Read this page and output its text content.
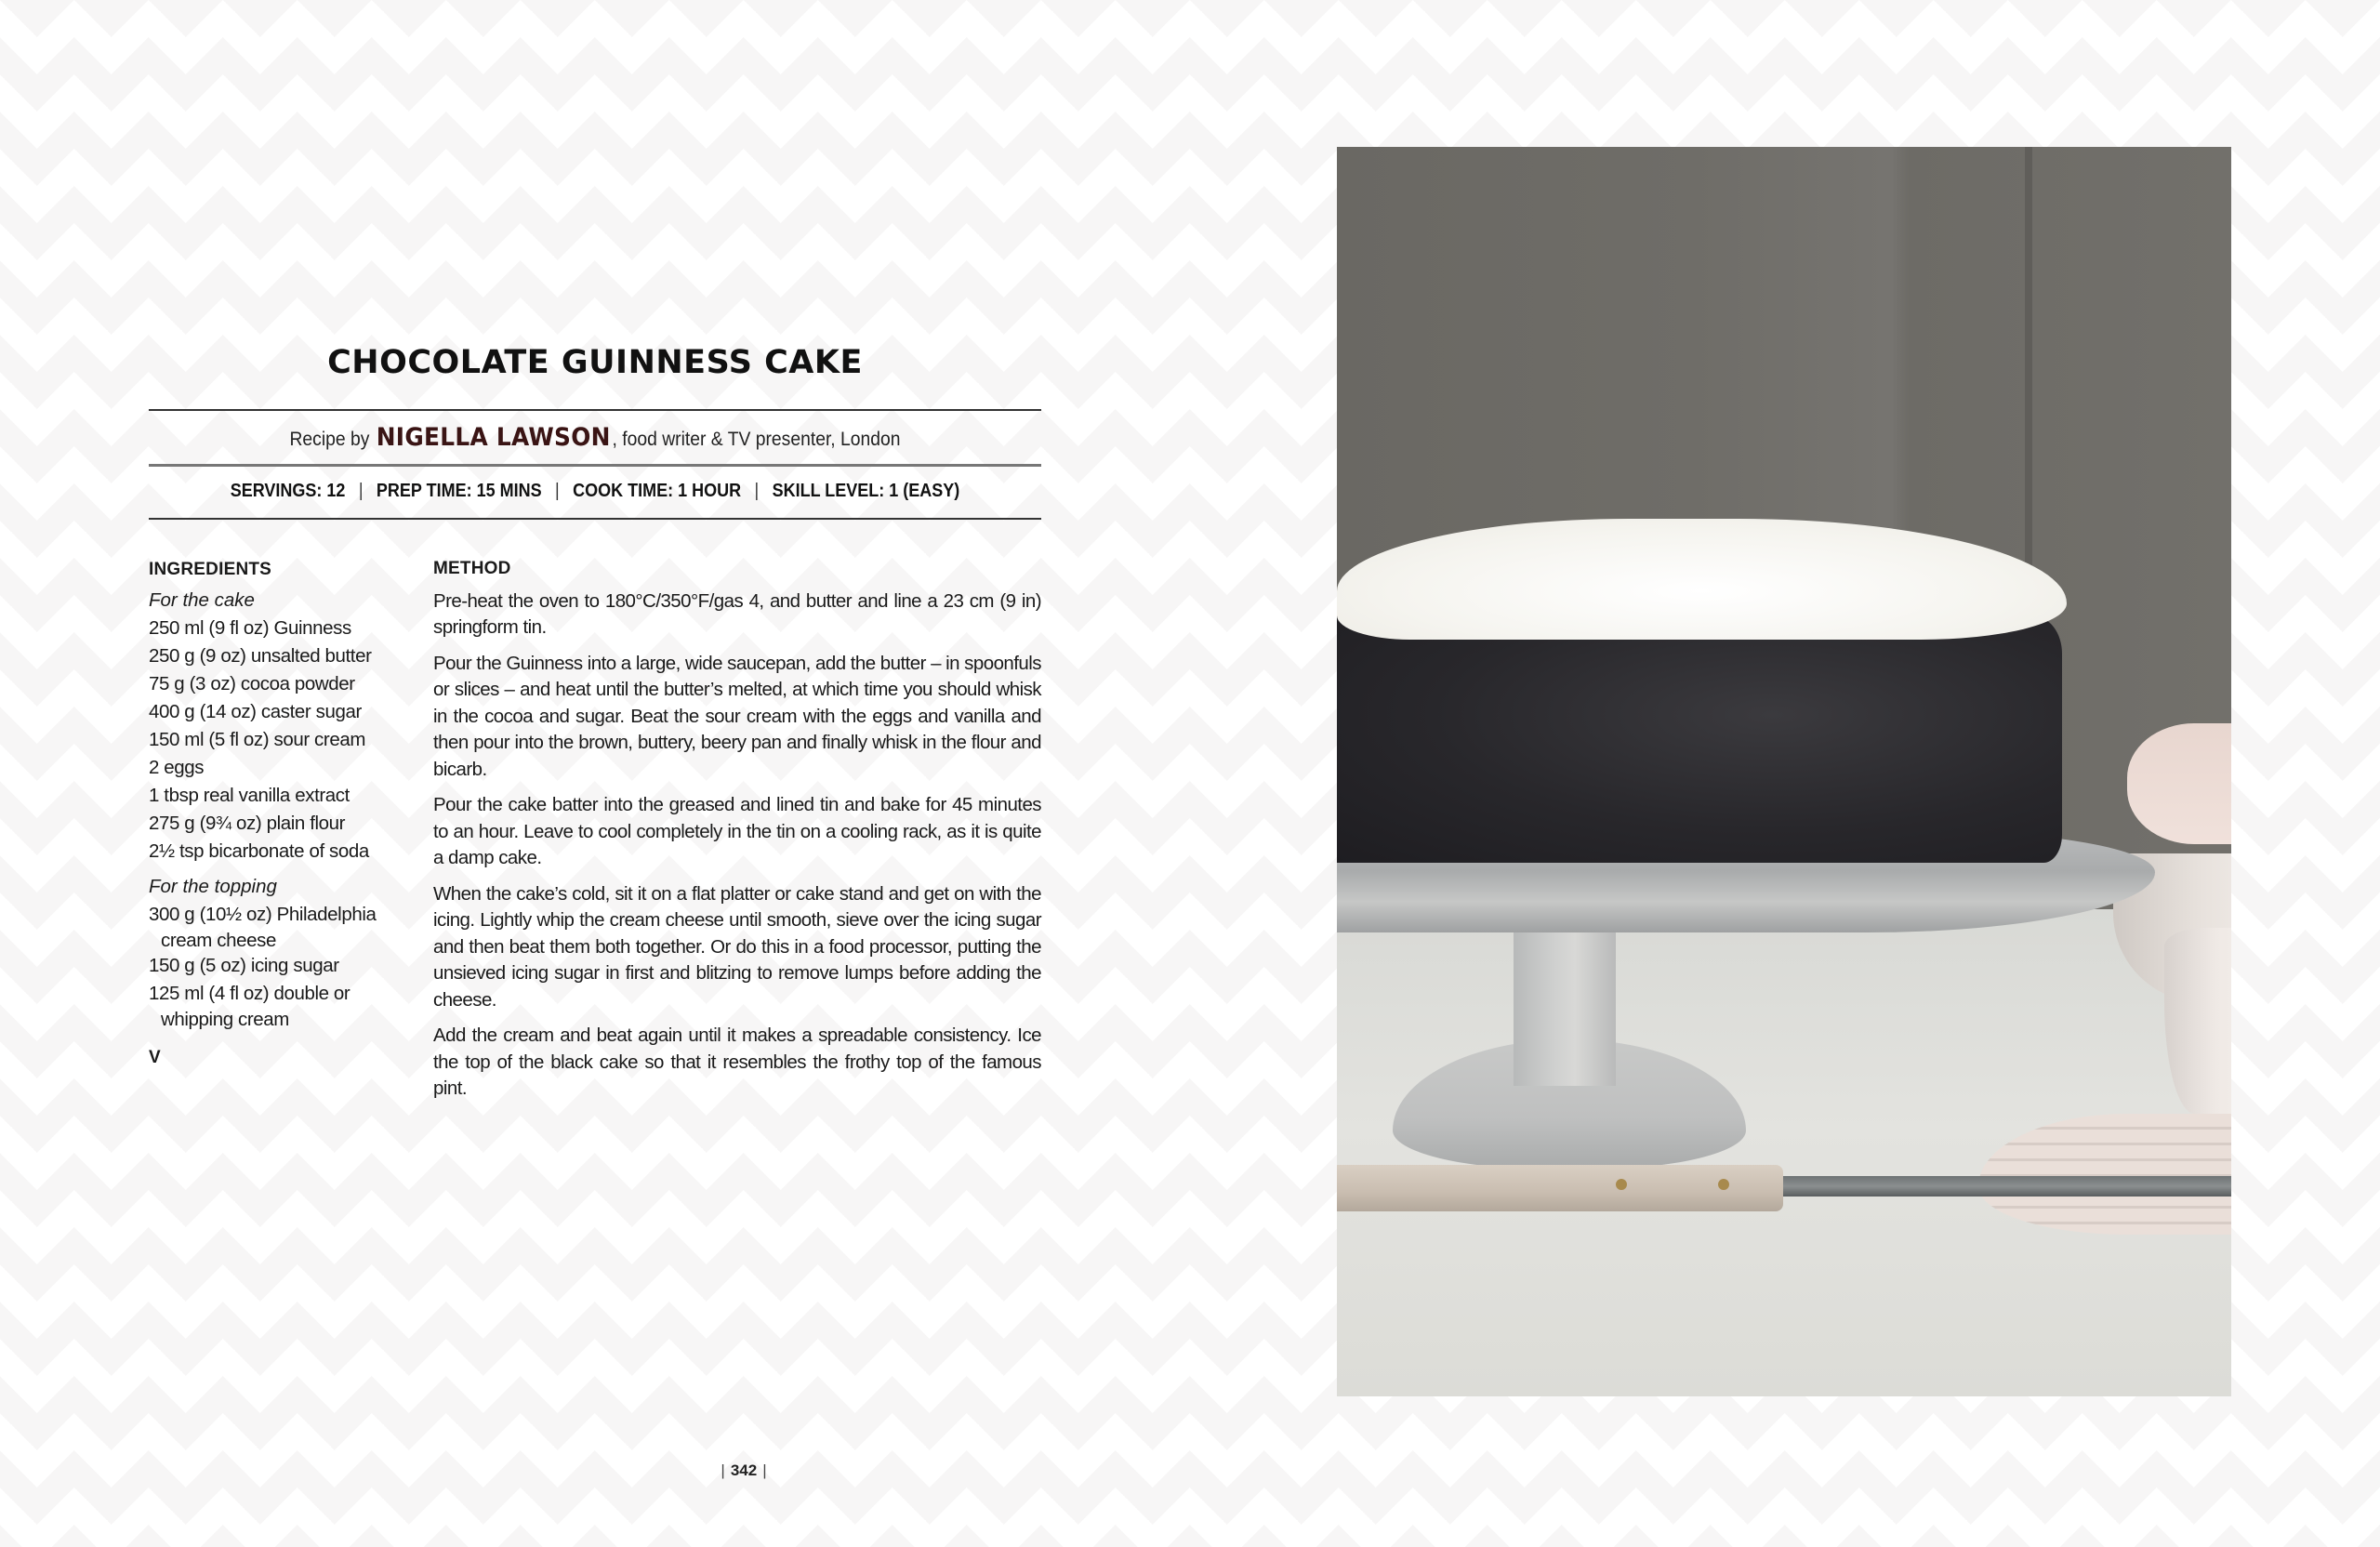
CHOCOLATE GUINNESS CAKE
Recipe by NIGELLA LAWSON, food writer & TV presenter, London
SERVINGS: 12 | PREP TIME: 15 MINS | COOK TIME: 1 HOUR | SKILL LEVEL: 1 (EASY)
INGREDIENTS
For the cake
250 ml (9 fl oz) Guinness
250 g (9 oz) unsalted butter
75 g (3 oz) cocoa powder
400 g (14 oz) caster sugar
150 ml (5 fl oz) sour cream
2 eggs
1 tbsp real vanilla extract
275 g (9¾ oz) plain flour
2½ tsp bicarbonate of soda
For the topping
300 g (10½ oz) Philadelphia
cream cheese
150 g (5 oz) icing sugar
125 ml (4 fl oz) double or
whipping cream
V
METHOD

Pre-heat the oven to 180°C/350°F/gas 4, and butter and line a 23 cm (9 in) springform tin.

Pour the Guinness into a large, wide saucepan, add the butter – in spoonfuls or slices – and heat until the butter’s melted, at which time you should whisk in the cocoa and sugar. Beat the sour cream with the eggs and vanilla and then pour into the brown, buttery, beery pan and finally whisk in the flour and bicarb.

Pour the cake batter into the greased and lined tin and bake for 45 minutes to an hour. Leave to cool completely in the tin on a cooling rack, as it is quite a damp cake.

When the cake’s cold, sit it on a flat platter or cake stand and get on with the icing. Lightly whip the cream cheese until smooth, sieve over the icing sugar and then beat them both together. Or do this in a food processor, putting the unsieved icing sugar in first and blitzing to remove lumps before adding the cheese.

Add the cream and beat again until it makes a spreadable consistency. Ice the top of the black cake so that it resembles the frothy top of the famous pint.

| 342 |
